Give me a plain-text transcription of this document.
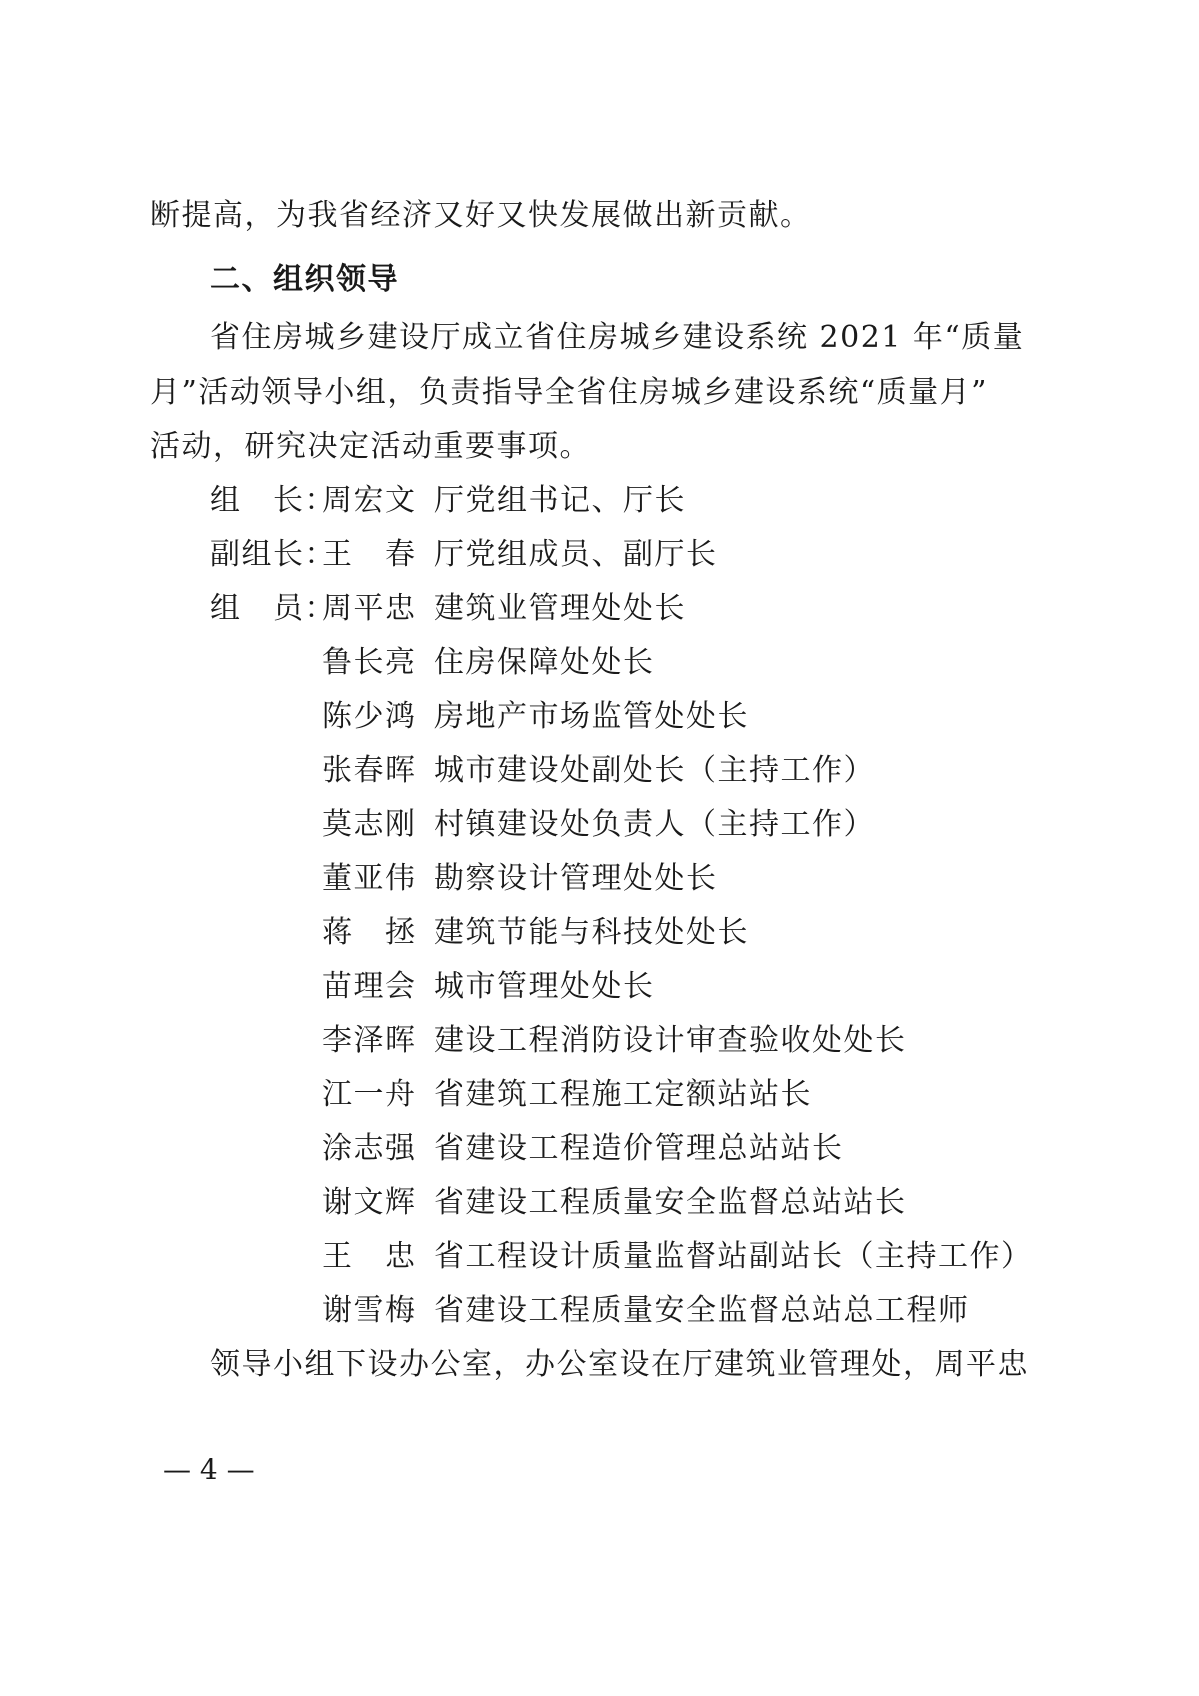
断提高，为我省经济又好又快发展做出新贡献。
二、组织领导
省住房城乡建设厅成立省住房城乡建设系统 2021 年“质量
月”活动领导小组，负责指导全省住房城乡建设系统“质量月”
活动，研究决定活动重要事项。
组　长：周宏文 厅党组书记、厅长
副组长：王　春 厅党组成员、副厅长
组　员：周平忠 建筑业管理处处长
鲁长亮 住房保障处处长
陈少鸿 房地产市场监管处处长
张春晖 城市建设处副处长（主持工作）
莫志刚 村镇建设处负责人（主持工作）
董亚伟 勘察设计管理处处长
蒋　拯 建筑节能与科技处处长
苗理会 城市管理处处长
李泽晖 建设工程消防设计审查验收处处长
江一舟 省建筑工程施工定额站站长
涂志强 省建设工程造价管理总站站长
谢文辉 省建设工程质量安全监督总站站长
王　忠 省工程设计质量监督站副站长（主持工作）
谢雪梅 省建设工程质量安全监督总站总工程师
领导小组下设办公室，办公室设在厅建筑业管理处，周平忠
— 4 —
